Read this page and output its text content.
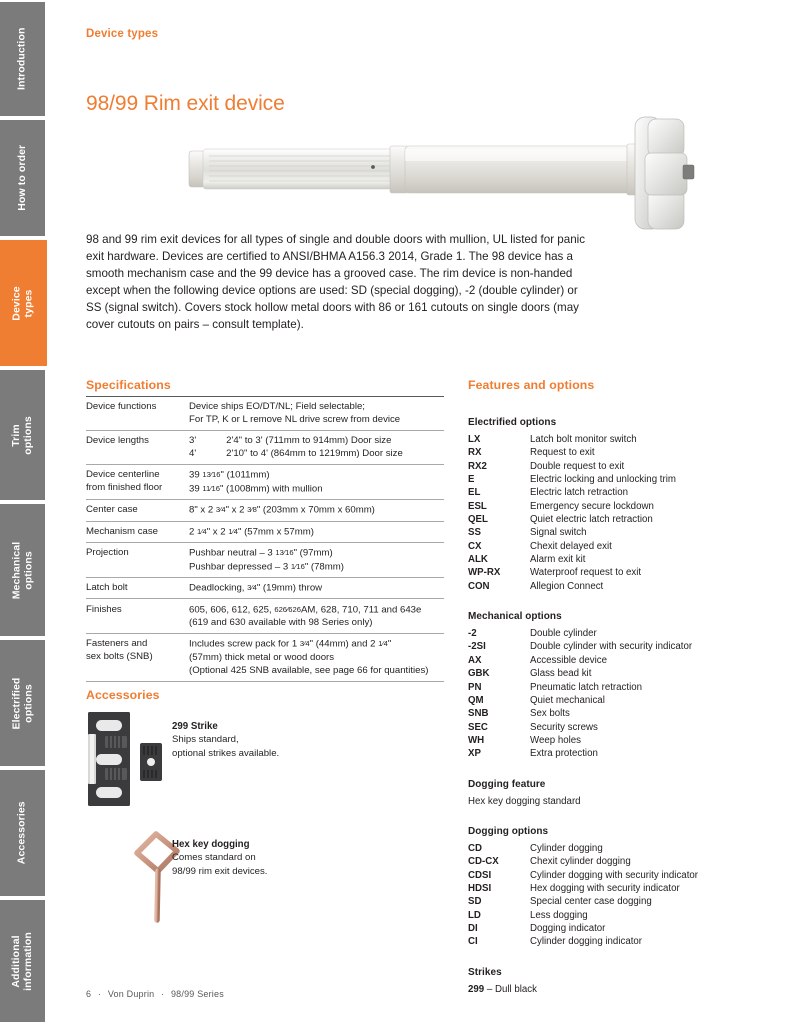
Introduction
How to order
Device
types
Trim
options
Mechanical
options
Electrified
options
Accessories
Additional
information
Device types
98/99 Rim exit device

98 and 99 rim exit devices for all types of single and double doors with mullion, UL listed for panic exit hardware. Devices are certified to ANSI/BHMA A156.3 2014, Grade 1. The 98 device has a smooth mechanism case and the 99 device has a grooved case. The rim device is non-handed except when the following device options are used: SD (special dogging), -2 (double cylinder) or SS (signal switch). Covers stock hollow metal doors with 86 or 161 cutouts on single doors (may cover cutouts on pairs – consult template).

Specifications
Device functions	Device ships EO/DT/NL; Field selectable;
For TP, K or L remove NL drive screw from device

Device lengths	3' 2'4" to 3' (711mm to 914mm) Door size
4' 2'10" to 4' (864mm to 1219mm) Door size

Device centerline
from finished floor	39 13⁄16" (1011mm)
39 11⁄16" (1008mm) with mullion

Center case	8" x 2 3⁄4" x 2 3⁄8" (203mm x 70mm x 60mm)

Mechanism case	2 1⁄4" x 2 1⁄4" (57mm x 57mm)

Projection	Pushbar neutral – 3 13⁄16" (97mm)
Pushbar depressed – 3 1⁄16" (78mm)

Latch bolt	Deadlocking, 3⁄4" (19mm) throw

Finishes	605, 606, 612, 625, 626⁄626AM, 628, 710, 711 and 643e
(619 and 630 available with 98 Series only)

Fasteners and
sex bolts (SNB)	Includes screw pack for 1 3⁄4" (44mm) and 2 1⁄4"
(57mm) thick metal or wood doors
(Optional 425 SNB available, see page 66 for quantities)
Accessories
299 Strike
Ships standard,
optional strikes available.
Hex key dogging
Comes standard on
98/99 rim exit devices.
Features and options
Electrified options
LX	Latch bolt monitor switch
RX	Request to exit
RX2	Double request to exit
E	Electric locking and unlocking trim
EL	Electric latch retraction
ESL	Emergency secure lockdown
QEL	Quiet electric latch retraction
SS	Signal switch
CX	Chexit delayed exit
ALK	Alarm exit kit
WP-RX	Waterproof request to exit
CON	Allegion Connect
Mechanical options
-2	Double cylinder
-2SI	Double cylinder with security indicator
AX	Accessible device
GBK	Glass bead kit
PN	Pneumatic latch retraction
QM	Quiet mechanical
SNB	Sex bolts
SEC	Security screws
WH	Weep holes
XP	Extra protection
Dogging feature
Hex key dogging standard
Dogging options
CD	Cylinder dogging
CD-CX	Chexit cylinder dogging
CDSI	Cylinder dogging with security indicator
HDSI	Hex dogging with security indicator
SD	Special center case dogging
LD	Less dogging
DI	Dogging indicator
CI	Cylinder dogging indicator
Strikes
299 – Dull black
6 · Von Duprin · 98/99 Series
